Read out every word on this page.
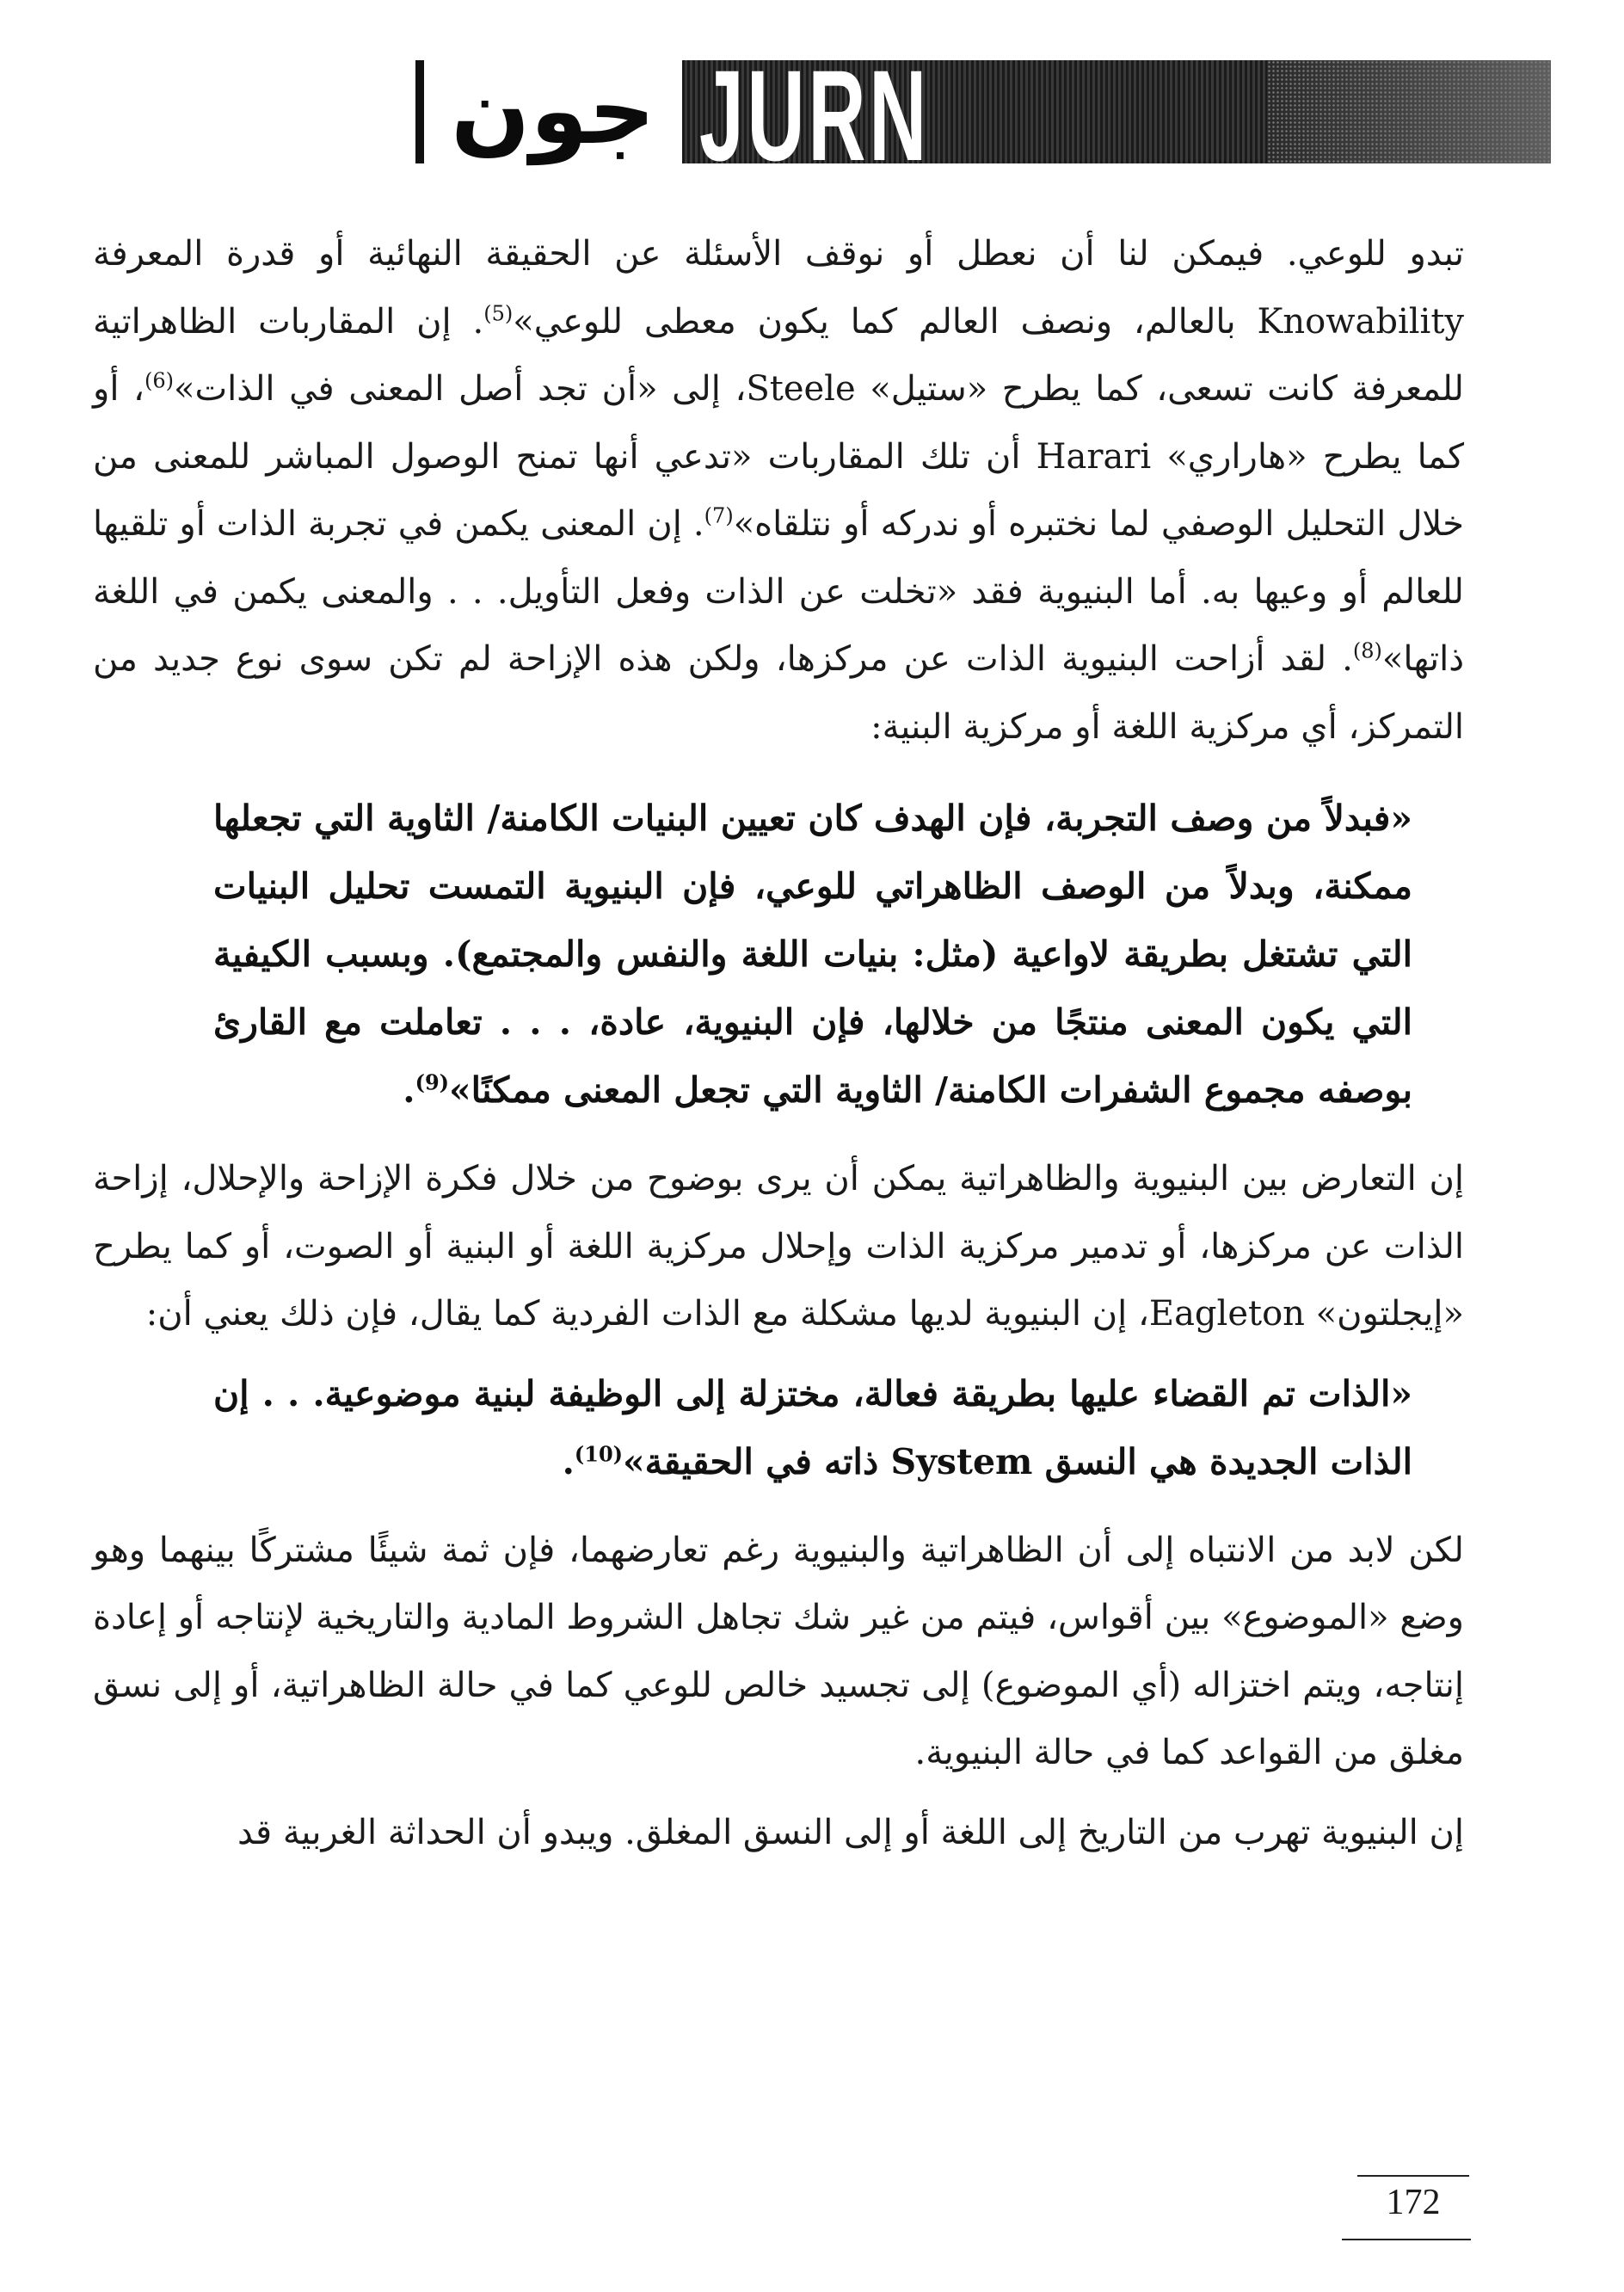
جون JURN

تبدو للوعي. فيمكن لنا أن نعطل أو نوقف الأسئلة عن الحقيقة النهائية أو قدرة المعرفة Knowability بالعالم، ونصف العالم كما يكون معطى للوعي»$^{(5)}$. إن المقاربات الظاهراتية للمعرفة كانت تسعى، كما يطرح «ستيل» Steele، إلى «أن تجد أصل المعنى في الذات»$^{(6)}$، أو كما يطرح «هاراري» Harari أن تلك المقاربات «تدعي أنها تمنح الوصول المباشر للمعنى من خلال التحليل الوصفي لما نختبره أو ندركه أو نتلقاه»$^{(7)}$. إن المعنى يكمن في تجربة الذات أو تلقيها للعالم أو وعيها به. أما البنيوية فقد «تخلت عن الذات وفعل التأويل. . . والمعنى يكمن في اللغة ذاتها»$^{(8)}$. لقد أزاحت البنيوية الذات عن مركزها، ولكن هذه الإزاحة لم تكن سوى نوع جديد من التمركز، أي مركزية اللغة أو مركزية البنية:

«فبدلاً من وصف التجربة، فإن الهدف كان تعيين البنيات الكامنة/ الثاوية التي تجعلها ممكنة، وبدلاً من الوصف الظاهراتي للوعي، فإن البنيوية التمست تحليل البنيات التي تشتغل بطريقة لاواعية (مثل: بنيات اللغة والنفس والمجتمع). وبسبب الكيفية التي يكون المعنى منتجًا من خلالها، فإن البنيوية، عادة، . . . تعاملت مع القارئ بوصفه مجموع الشفرات الكامنة/ الثاوية التي تجعل المعنى ممكنًا»$^{(9)}$.

إن التعارض بين البنيوية والظاهراتية يمكن أن يرى بوضوح من خلال فكرة الإزاحة والإحلال، إزاحة الذات عن مركزها، أو تدمير مركزية الذات وإحلال مركزية اللغة أو البنية أو الصوت، أو كما يطرح «إيجلتون» Eagleton، إن البنيوية لديها مشكلة مع الذات الفردية كما يقال، فإن ذلك يعني أن:

«الذات تم القضاء عليها بطريقة فعالة، مختزلة إلى الوظيفة لبنية موضوعية. . . إن الذات الجديدة هي النسق System ذاته في الحقيقة»$^{(10)}$.

لكن لابد من الانتباه إلى أن الظاهراتية والبنيوية رغم تعارضهما، فإن ثمة شيئًا مشتركًا بينهما وهو وضع «الموضوع» بين أقواس، فيتم من غير شك تجاهل الشروط المادية والتاريخية لإنتاجه أو إعادة إنتاجه، ويتم اختزاله (أي الموضوع) إلى تجسيد خالص للوعي كما في حالة الظاهراتية، أو إلى نسق مغلق من القواعد كما في حالة البنيوية.

إن البنيوية تهرب من التاريخ إلى اللغة أو إلى النسق المغلق. ويبدو أن الحداثة الغربية قد

172
